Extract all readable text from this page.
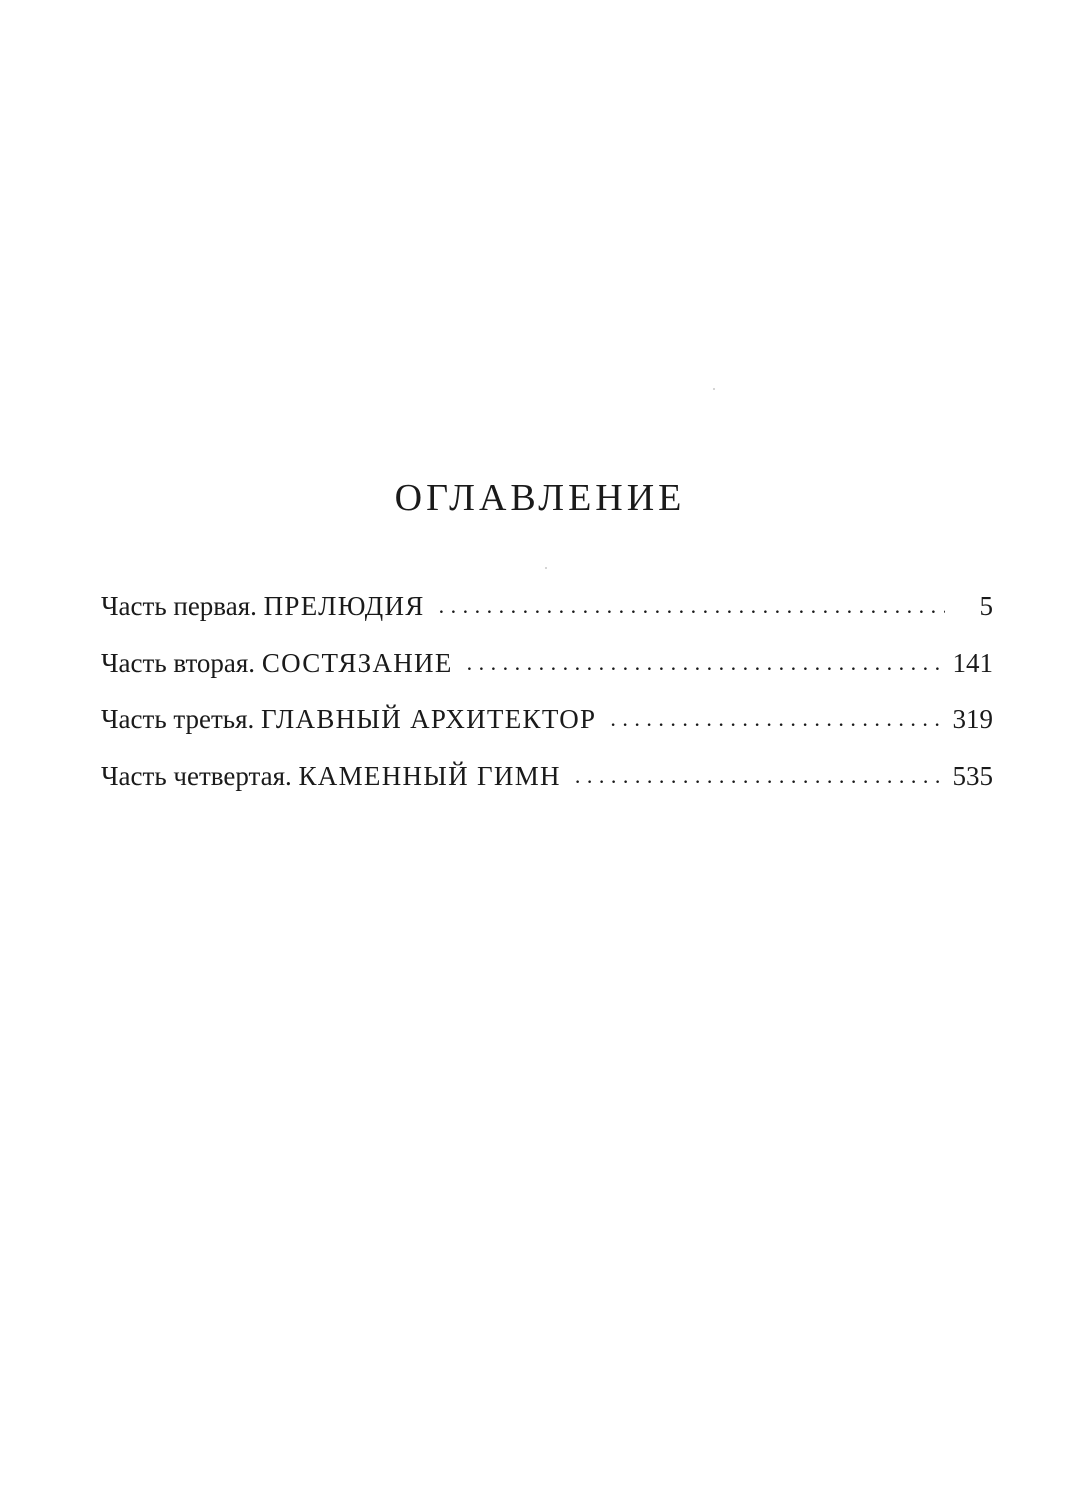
ОГЛАВЛЕНИЕ
Часть первая.
ПРЕЛЮДИЯ . . .	5
Часть вторая.
СОСТЯЗАНИЕ . . .	141
Часть третья.
ГЛАВНЫЙ АРХИТЕКТОР . . .	319
Часть четвертая.
КАМЕННЫЙ ГИМН . . .	535
